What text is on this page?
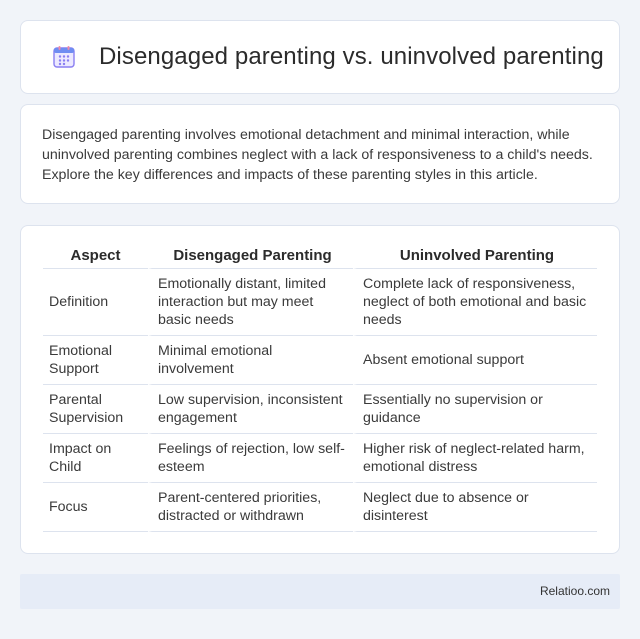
Disengaged parenting vs. uninvolved parenting

Disengaged parenting involves emotional detachment and minimal interaction, while uninvolved parenting combines neglect with a lack of responsiveness to a child's needs. Explore the key differences and impacts of these parenting styles in this article.

Aspect	Disengaged Parenting	Uninvolved Parenting
Definition	Emotionally distant, limited interaction but may meet basic needs	Complete lack of responsiveness, neglect of both emotional and basic needs
Emotional Support	Minimal emotional involvement	Absent emotional support
Parental Supervision	Low supervision, inconsistent engagement	Essentially no supervision or guidance
Impact on Child	Feelings of rejection, low self-esteem	Higher risk of neglect-related harm, emotional distress
Focus	Parent-centered priorities, distracted or withdrawn	Neglect due to absence or disinterest
Relatioo.com
